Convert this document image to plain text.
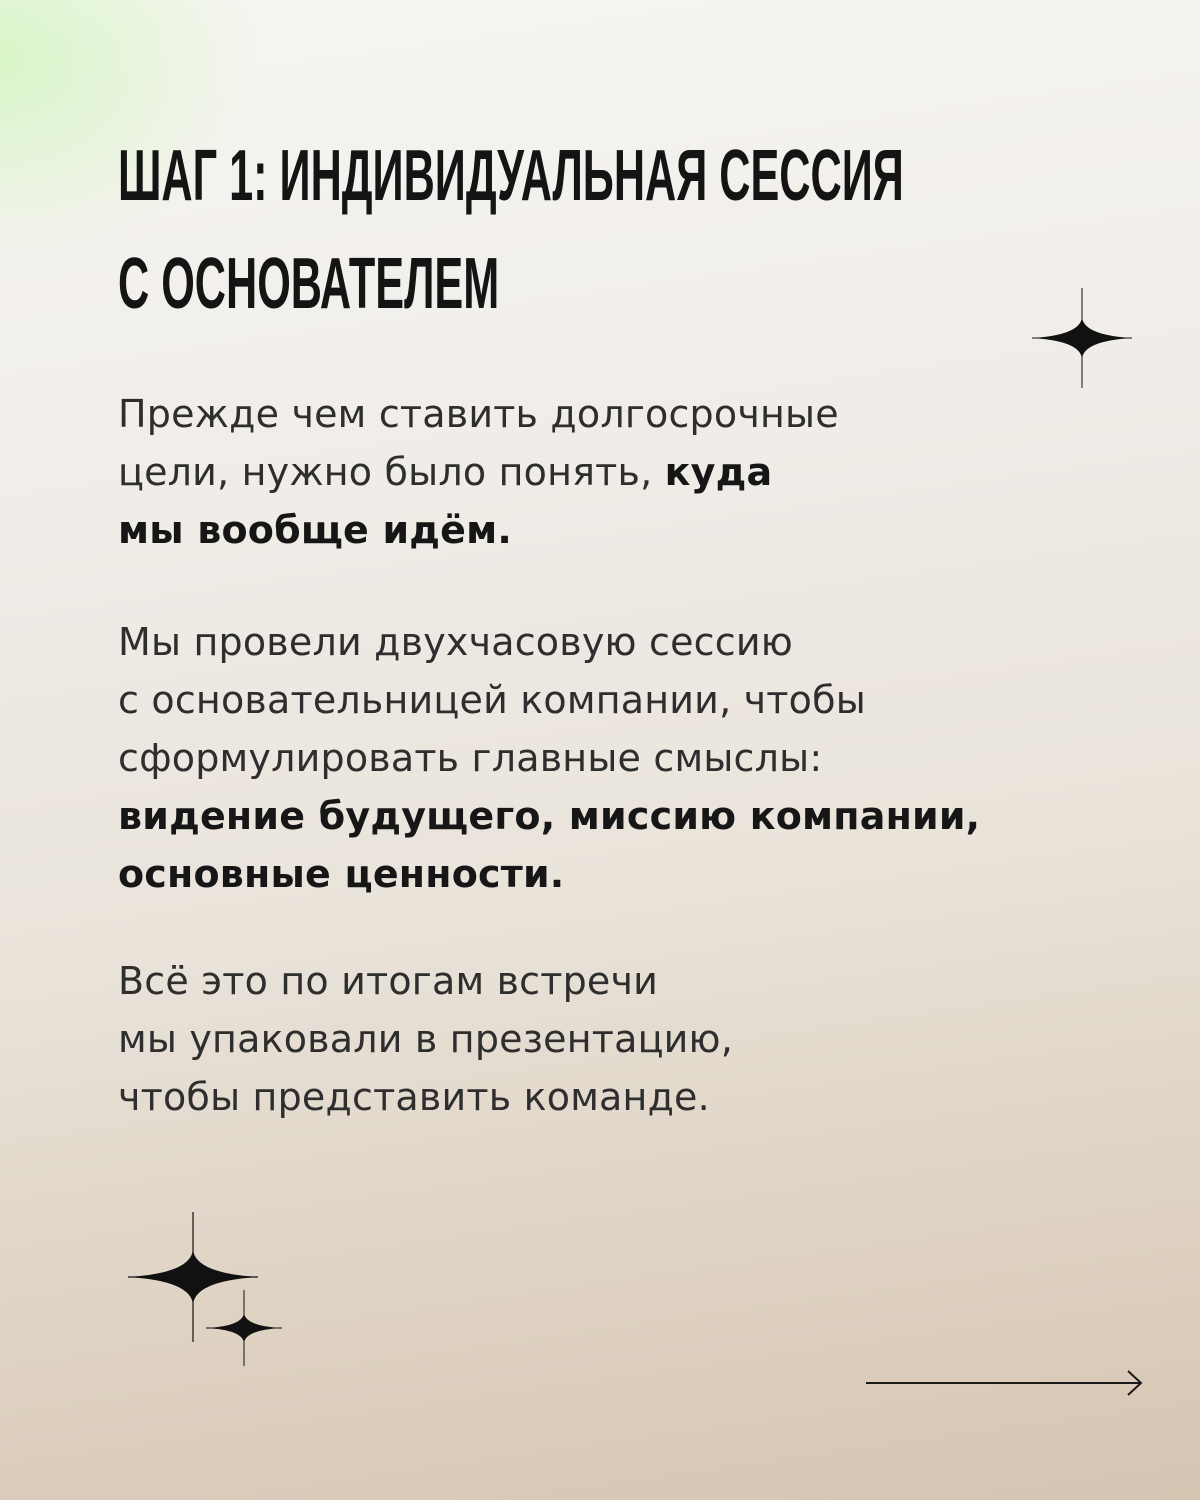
ШАГ 1: ИНДИВИДУАЛЬНАЯ СЕССИЯ
С ОСНОВАТЕЛЕМ

Прежде чем ставить долгосрочные
цели, нужно было понять, куда
мы вообще идём.

Мы провели двухчасовую сессию
с основательницей компании, чтобы
сформулировать главные смыслы:
видение будущего, миссию компании,
основные ценности.

Всё это по итогам встречи
мы упаковали в презентацию,
чтобы представить команде.
